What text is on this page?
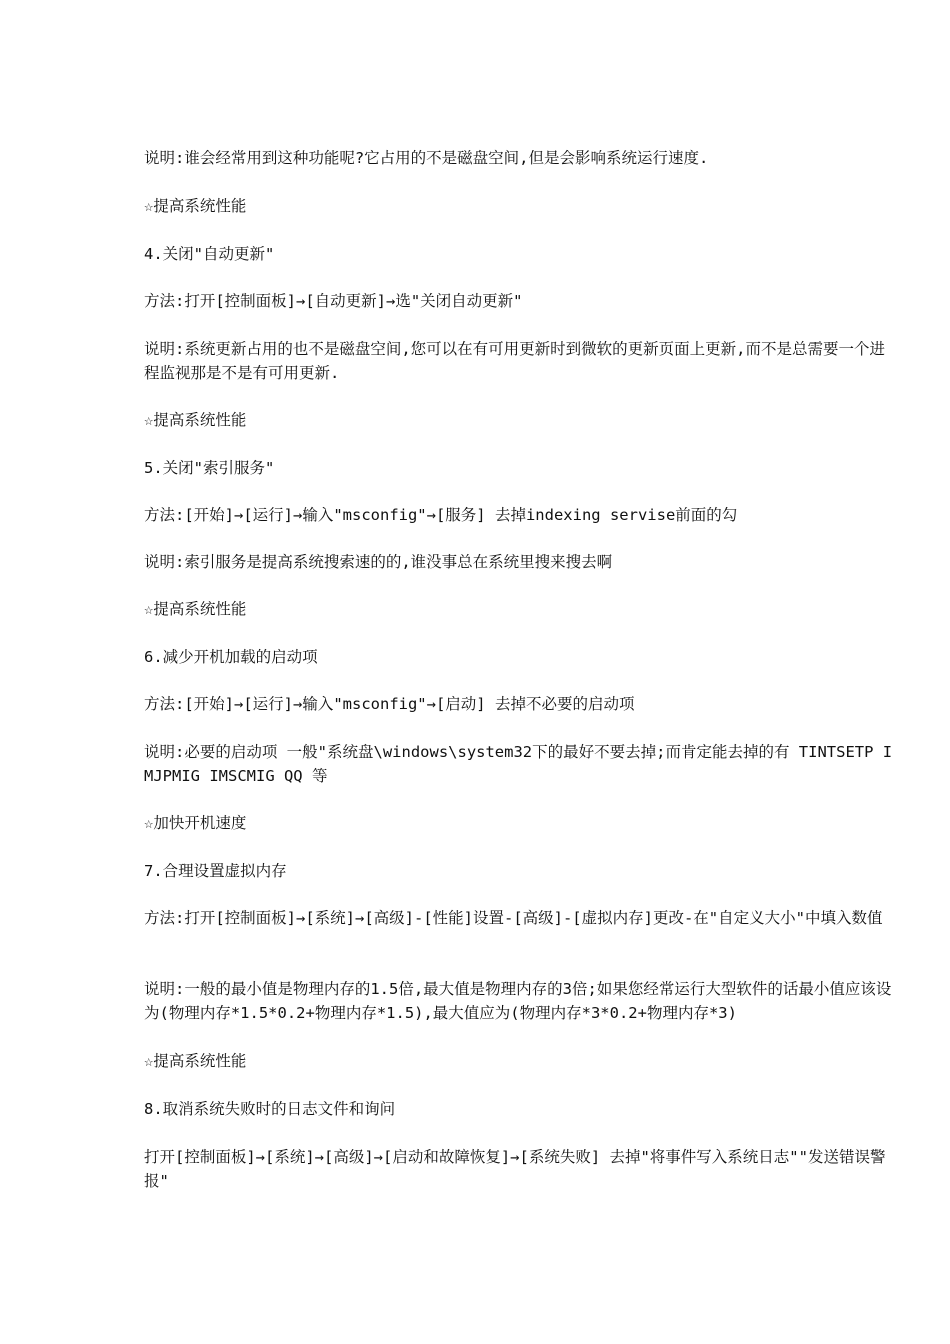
说明:谁会经常用到这种功能呢?它占用的不是磁盘空间,但是会影响系统运行速度.

☆提高系统性能

4.关闭"自动更新"

方法:打开[控制面板]→[自动更新]→选"关闭自动更新"

说明:系统更新占用的也不是磁盘空间,您可以在有可用更新时到微软的更新页面上更新,而不是总需要一个进程监视那是不是有可用更新.

☆提高系统性能

5.关闭"索引服务"

方法:[开始]→[运行]→输入"msconfig"→[服务] 去掉indexing servise前面的勾

说明:索引服务是提高系统搜索速的的,谁没事总在系统里搜来搜去啊

☆提高系统性能

6.减少开机加载的启动项

方法:[开始]→[运行]→输入"msconfig"→[启动] 去掉不必要的启动项

说明:必要的启动项 一般"系统盘\windows\system32下的最好不要去掉;而肯定能去掉的有 TINTSETP IMJPMIG IMSCMIG QQ 等

☆加快开机速度

7.合理设置虚拟内存

方法:打开[控制面板]→[系统]→[高级]-[性能]设置-[高级]-[虚拟内存]更改-在"自定义大小"中填入数值

说明:一般的最小值是物理内存的1.5倍,最大值是物理内存的3倍;如果您经常运行大型软件的话最小值应该设为(物理内存*1.5*0.2+物理内存*1.5),最大值应为(物理内存*3*0.2+物理内存*3)

☆提高系统性能

8.取消系统失败时的日志文件和询问

打开[控制面板]→[系统]→[高级]→[启动和故障恢复]→[系统失败] 去掉"将事件写入系统日志""发送错误警报"
